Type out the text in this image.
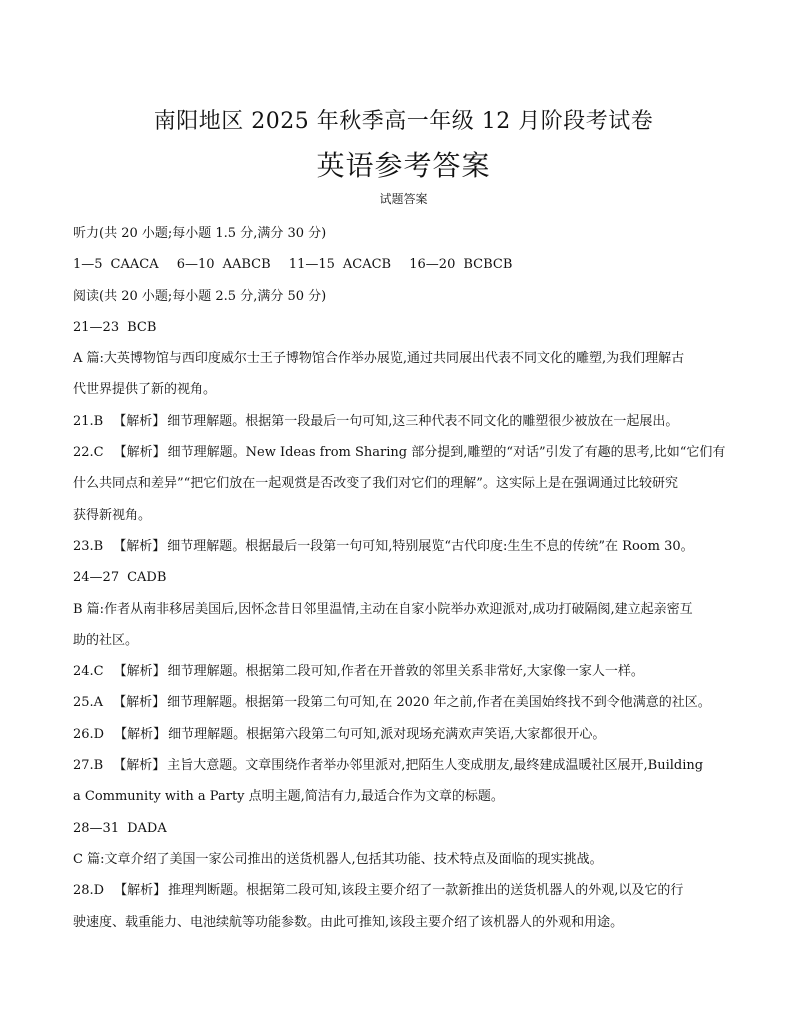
南阳地区 2025 年秋季高一年级 12 月阶段考试卷
英语参考答案
试题答案
听力(共 20 小题;每小题 1.5 分,满分 30 分)
1—5 CAACA 6—10 AABCB 11—15 ACACB 16—20 BCBCB
阅读(共 20 小题;每小题 2.5 分,满分 50 分)
21—23 BCB
A 篇:大英博物馆与西印度威尔士王子博物馆合作举办展览,通过共同展出代表不同文化的雕塑,为我们理解古
代世界提供了新的视角。
21.B 【解析】 细节理解题。根据第一段最后一句可知,这三种代表不同文化的雕塑很少被放在一起展出。
22.C 【解析】 细节理解题。New Ideas from Sharing 部分提到,雕塑的“对话”引发了有趣的思考,比如“它们有
什么共同点和差异”“把它们放在一起观赏是否改变了我们对它们的理解”。这实际上是在强调通过比较研究
获得新视角。
23.B 【解析】 细节理解题。根据最后一段第一句可知,特别展览“古代印度:生生不息的传统”在 Room 30。
24—27 CADB
B 篇:作者从南非移居美国后,因怀念昔日邻里温情,主动在自家小院举办欢迎派对,成功打破隔阂,建立起亲密互
助的社区。
24.C 【解析】 细节理解题。根据第二段可知,作者在开普敦的邻里关系非常好,大家像一家人一样。
25.A 【解析】 细节理解题。根据第一段第二句可知,在 2020 年之前,作者在美国始终找不到令他满意的社区。
26.D 【解析】 细节理解题。根据第六段第二句可知,派对现场充满欢声笑语,大家都很开心。
27.B 【解析】 主旨大意题。文章围绕作者举办邻里派对,把陌生人变成朋友,最终建成温暖社区展开,Building
a Community with a Party 点明主题,简洁有力,最适合作为文章的标题。
28—31 DADA
C 篇:文章介绍了美国一家公司推出的送货机器人,包括其功能、技术特点及面临的现实挑战。
28.D 【解析】 推理判断题。根据第二段可知,该段主要介绍了一款新推出的送货机器人的外观,以及它的行
驶速度、载重能力、电池续航等功能参数。由此可推知,该段主要介绍了该机器人的外观和用途。
